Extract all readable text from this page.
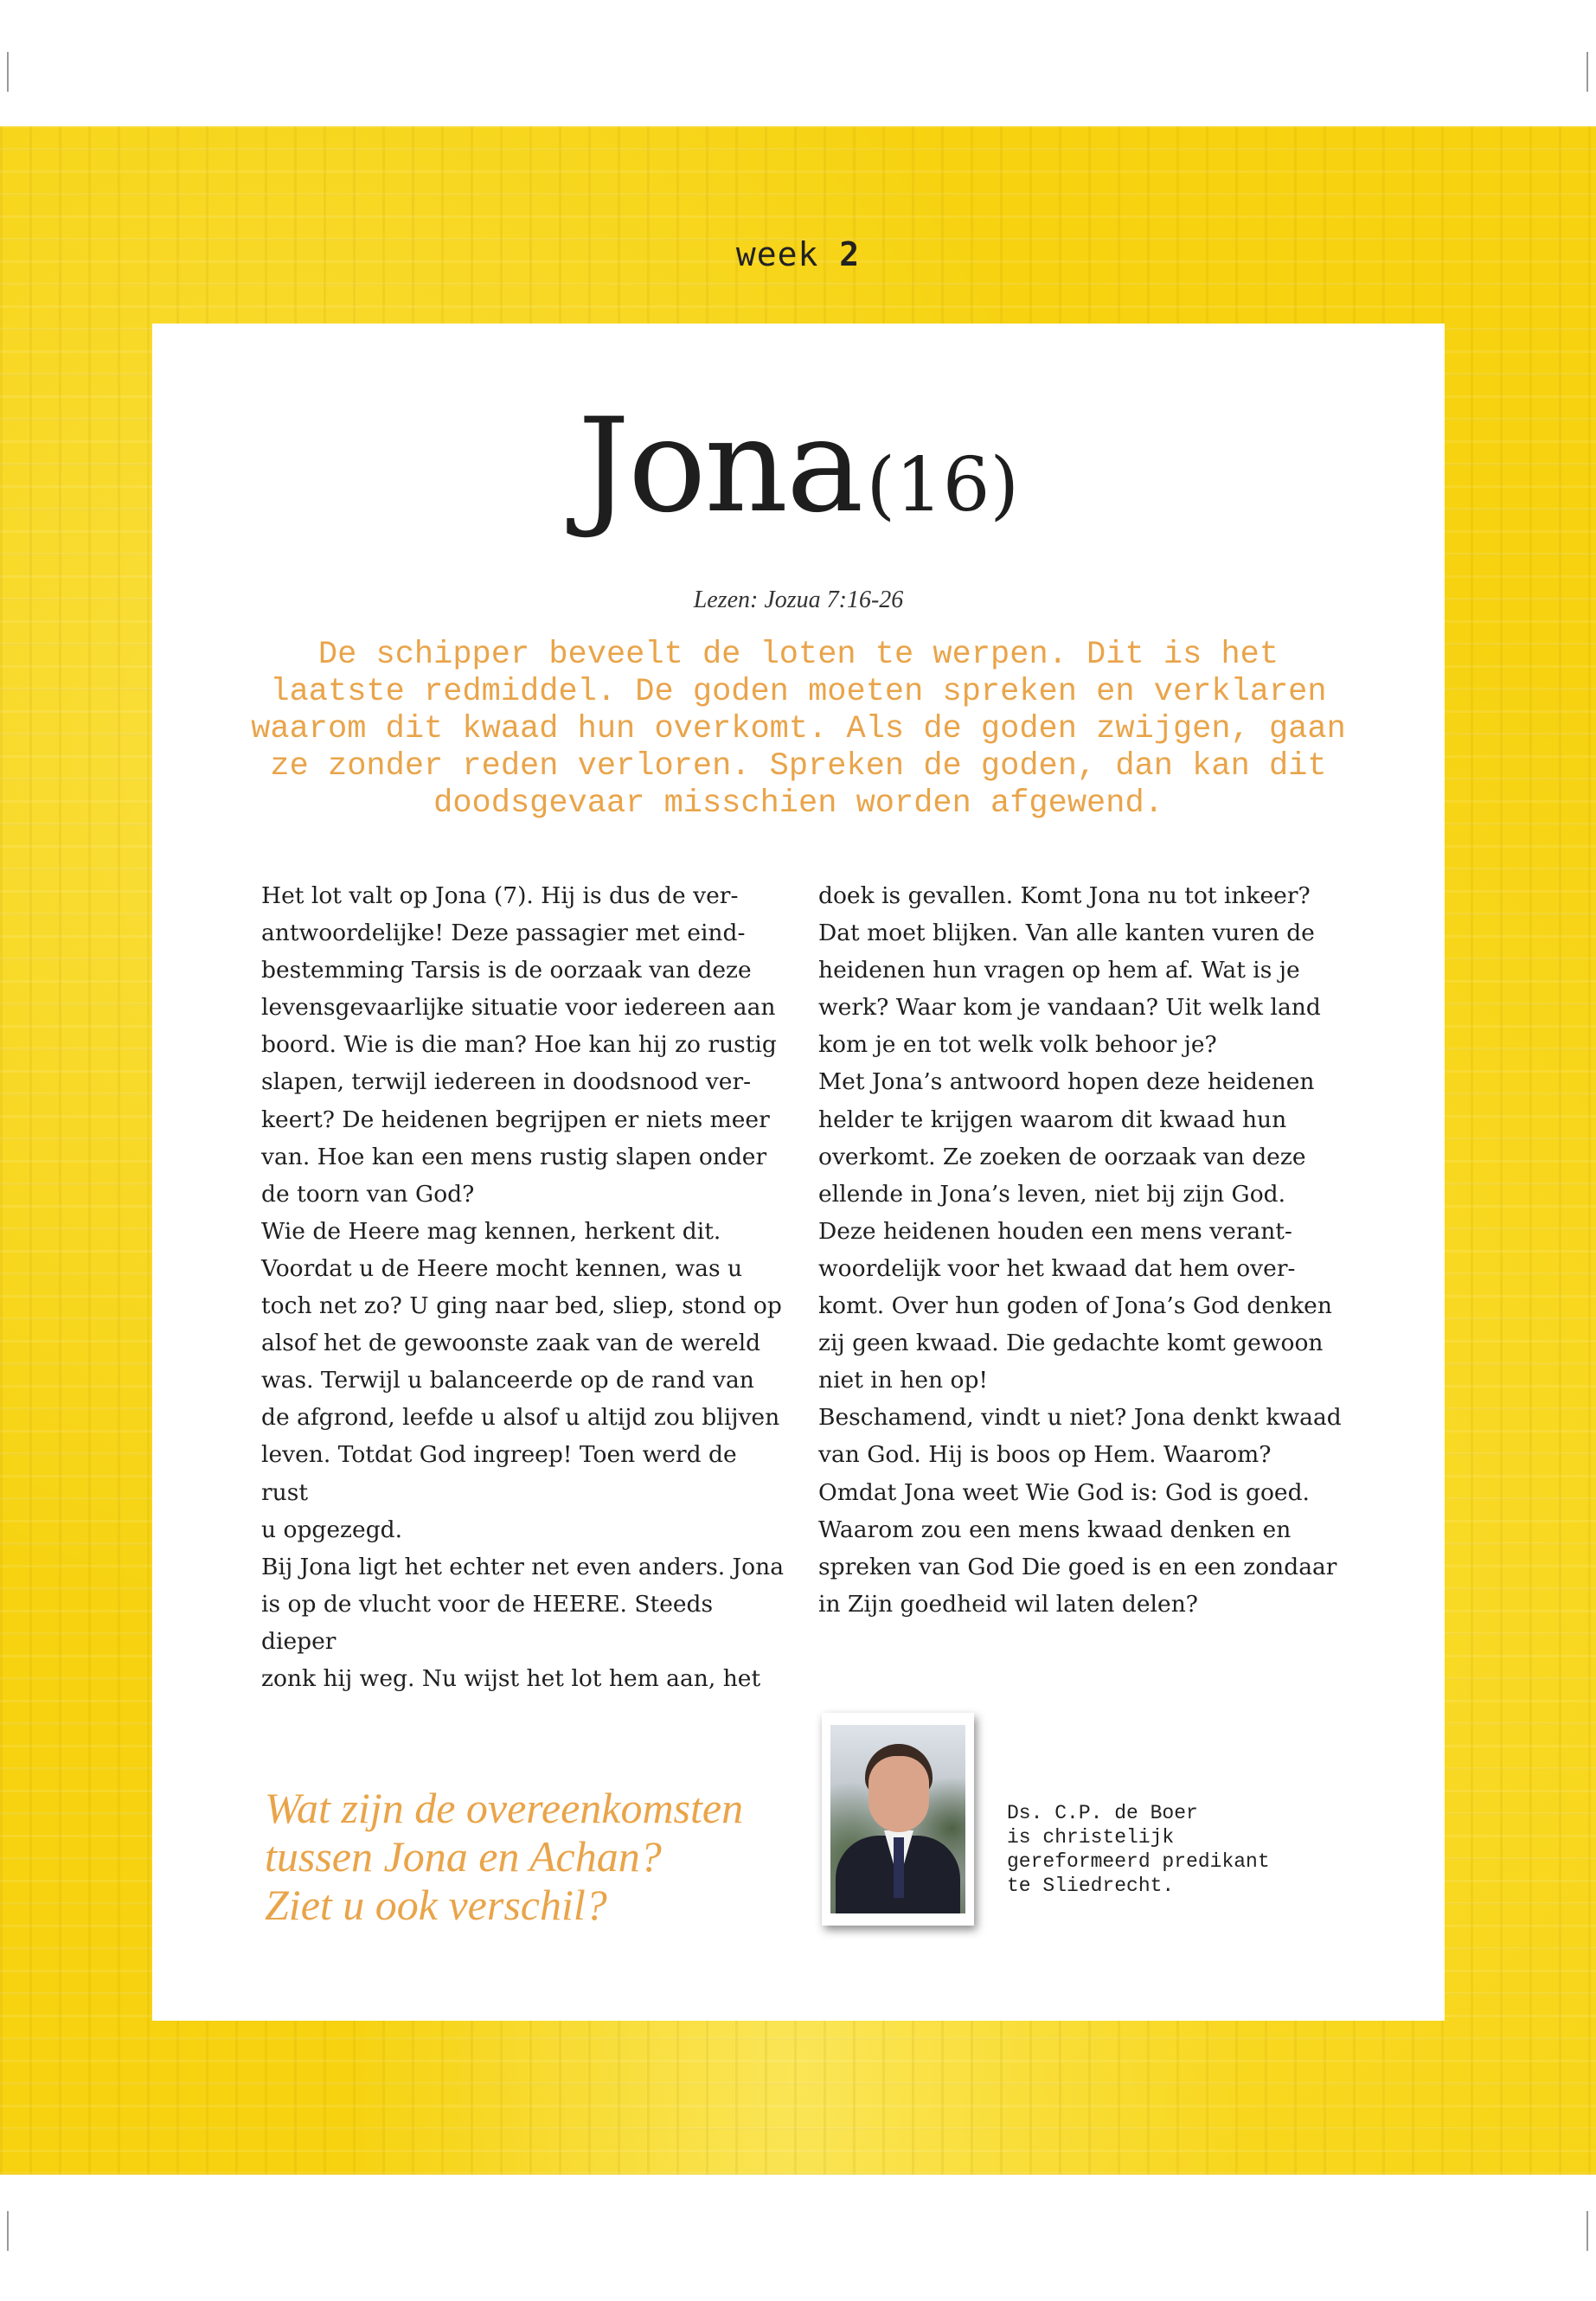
week 2
Jona (16)
Lezen: Jozua 7:16-26

De schipper beveelt de loten te werpen. Dit is het
laatste redmiddel. De goden moeten spreken en verklaren
waarom dit kwaad hun overkomt. Als de goden zwijgen, gaan
ze zonder reden verloren. Spreken de goden, dan kan dit
doodsgevaar misschien worden afgewend.

Het lot valt op Jona (7). Hij is dus de ver-
antwoordelijke! Deze passagier met eind-
bestemming Tarsis is de oorzaak van deze
levensgevaarlijke situatie voor iedereen aan
boord. Wie is die man? Hoe kan hij zo rustig
slapen, terwijl iedereen in doodsnood ver-
keert? De heidenen begrijpen er niets meer
van. Hoe kan een mens rustig slapen onder
de toorn van God?
Wie de Heere mag kennen, herkent dit.
Voordat u de Heere mocht kennen, was u
toch net zo? U ging naar bed, sliep, stond op
alsof het de gewoonste zaak van de wereld
was. Terwijl u balanceerde op de rand van
de afgrond, leefde u alsof u altijd zou blijven
leven. Totdat God ingreep! Toen werd de rust
u opgezegd.
Bij Jona ligt het echter net even anders. Jona
is op de vlucht voor de HEERE. Steeds dieper
zonk hij weg. Nu wijst het lot hem aan, het

doek is gevallen. Komt Jona nu tot inkeer?
Dat moet blijken. Van alle kanten vuren de
heidenen hun vragen op hem af. Wat is je
werk? Waar kom je vandaan? Uit welk land
kom je en tot welk volk behoor je?
Met Jona’s antwoord hopen deze heidenen
helder te krijgen waarom dit kwaad hun
overkomt. Ze zoeken de oorzaak van deze
ellende in Jona’s leven, niet bij zijn God.
Deze heidenen houden een mens verant-
woordelijk voor het kwaad dat hem over-
komt. Over hun goden of Jona’s God denken
zij geen kwaad. Die gedachte komt gewoon
niet in hen op!
Beschamend, vindt u niet? Jona denkt kwaad
van God. Hij is boos op Hem. Waarom?
Omdat Jona weet Wie God is: God is goed.
Waarom zou een mens kwaad denken en
spreken van God Die goed is en een zondaar
in Zijn goedheid wil laten delen?

Wat zijn de overeenkomsten
tussen Jona en Achan?
Ziet u ook verschil?

Ds. C.P. de Boer
is christelijk
gereformeerd predikant
te Sliedrecht.
